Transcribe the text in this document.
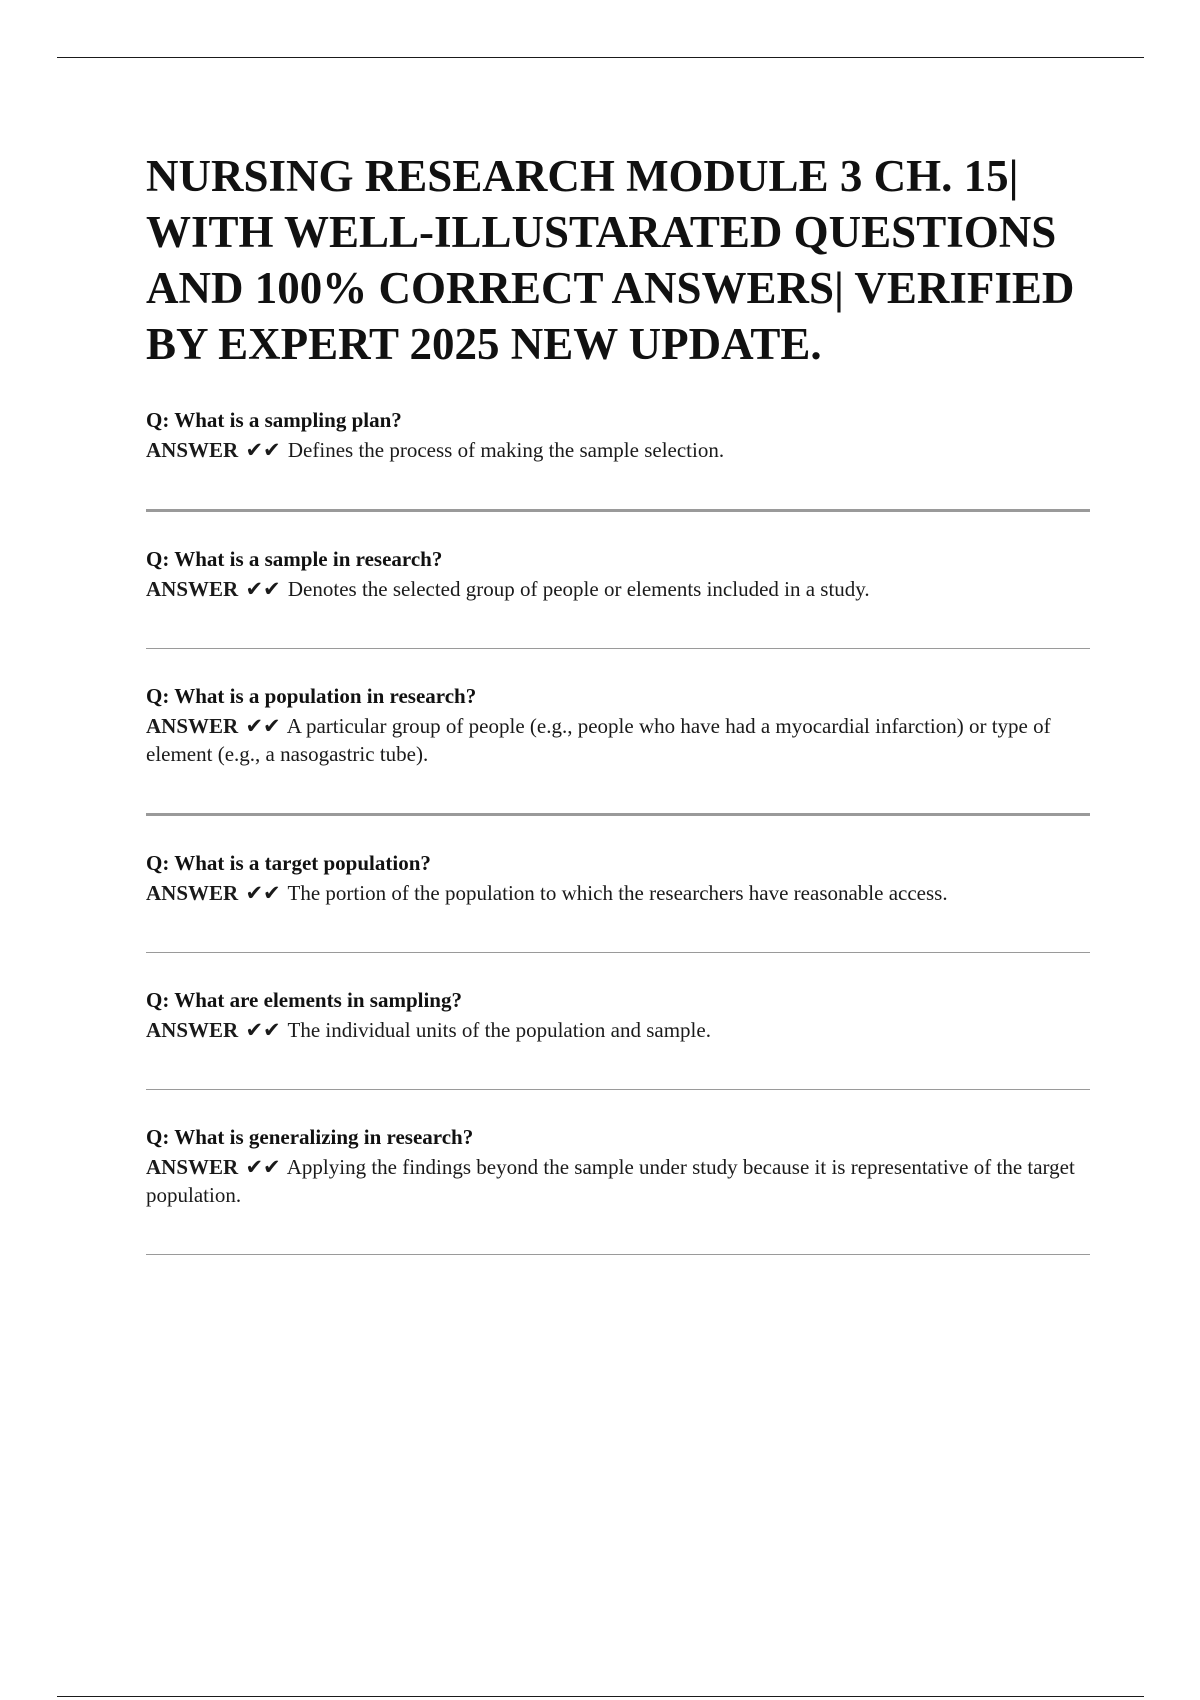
NURSING RESEARCH MODULE 3 CH. 15| WITH WELL-ILLUSTARATED QUESTIONS AND 100% CORRECT ANSWERS| VERIFIED BY EXPERT 2025 NEW UPDATE.

Q: What is a sampling plan?

ANSWER ✔✔ Defines the process of making the sample selection.

Q: What is a sample in research?

ANSWER ✔✔ Denotes the selected group of people or elements included in a study.

Q: What is a population in research?

ANSWER ✔✔ A particular group of people (e.g., people who have had a myocardial infarction) or type of element (e.g., a nasogastric tube).

Q: What is a target population?

ANSWER ✔✔ The portion of the population to which the researchers have reasonable access.

Q: What are elements in sampling?

ANSWER ✔✔ The individual units of the population and sample.

Q: What is generalizing in research?

ANSWER ✔✔ Applying the findings beyond the sample under study because it is representative of the target population.
